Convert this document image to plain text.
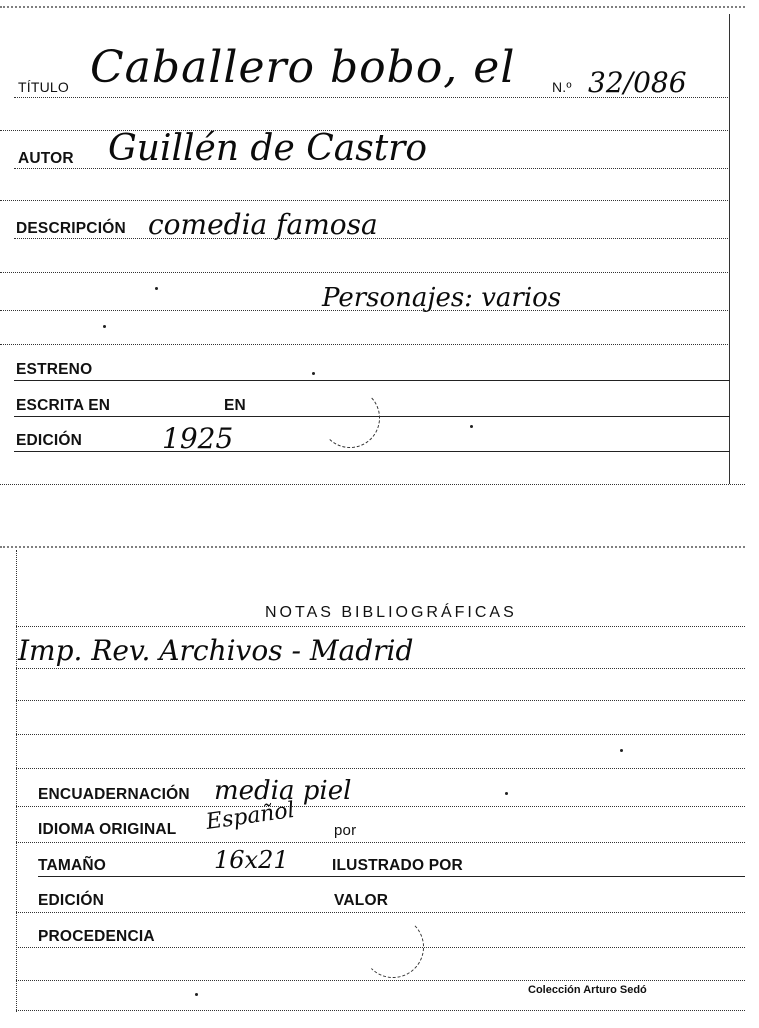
TÍTULO Caballero bobo, el	N.º 32/086
AUTOR Guillén de Castro
DESCRIPCIÓN comedia famosa
Personajes: varios
ESTRENO
ESCRITA EN	EN
EDICIÓN	1925
NOTAS BIBLIOGRÁFICAS
Imp. Rev. Archivos - Madrid
ENCUADERNACIÓN media piel
IDIOMA ORIGINAL Español	por
TAMAÑO	16x21	ILUSTRADO POR
EDICIÓN	VALOR
PROCEDENCIA
Colección Arturo Sedó
